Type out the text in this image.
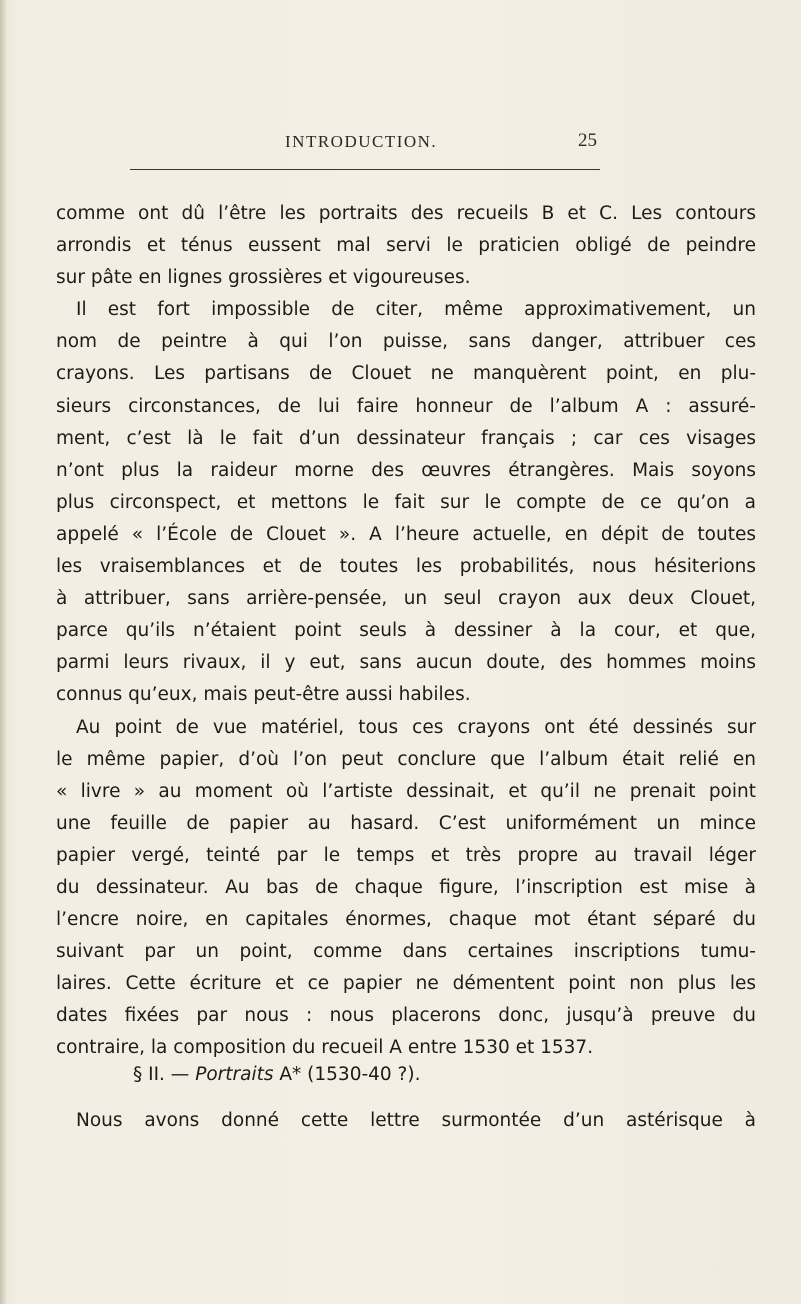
INTRODUCTION.	25
comme ont dû l’être les portraits des recueils B et C. Les contours
arrondis et ténus eussent mal servi le praticien obligé de peindre
sur pâte en lignes grossières et vigoureuses.
Il est fort impossible de citer, même approximativement, un
nom de peintre à qui l’on puisse, sans danger, attribuer ces
crayons. Les partisans de Clouet ne manquèrent point, en plu-
sieurs circonstances, de lui faire honneur de l’album A : assuré-
ment, c’est là le fait d’un dessinateur français ; car ces visages
n’ont plus la raideur morne des œuvres étrangères. Mais soyons
plus circonspect, et mettons le fait sur le compte de ce qu’on a
appelé « l’École de Clouet ». A l’heure actuelle, en dépit de toutes
les vraisemblances et de toutes les probabilités, nous hésiterions
à attribuer, sans arrière-pensée, un seul crayon aux deux Clouet,
parce qu’ils n’étaient point seuls à dessiner à la cour, et que,
parmi leurs rivaux, il y eut, sans aucun doute, des hommes moins
connus qu’eux, mais peut-être aussi habiles.
Au point de vue matériel, tous ces crayons ont été dessinés sur
le même papier, d’où l’on peut conclure que l’album était relié en
« livre » au moment où l’artiste dessinait, et qu’il ne prenait point
une feuille de papier au hasard. C’est uniformément un mince
papier vergé, teinté par le temps et très propre au travail léger
du dessinateur. Au bas de chaque figure, l’inscription est mise à
l’encre noire, en capitales énormes, chaque mot étant séparé du
suivant par un point, comme dans certaines inscriptions tumu-
laires. Cette écriture et ce papier ne démentent point non plus les
dates fixées par nous : nous placerons donc, jusqu’à preuve du
contraire, la composition du recueil A entre 1530 et 1537.
§ II. — Portraits A* (1530-40 ?).
Nous avons donné cette lettre surmontée d’un astérisque à
